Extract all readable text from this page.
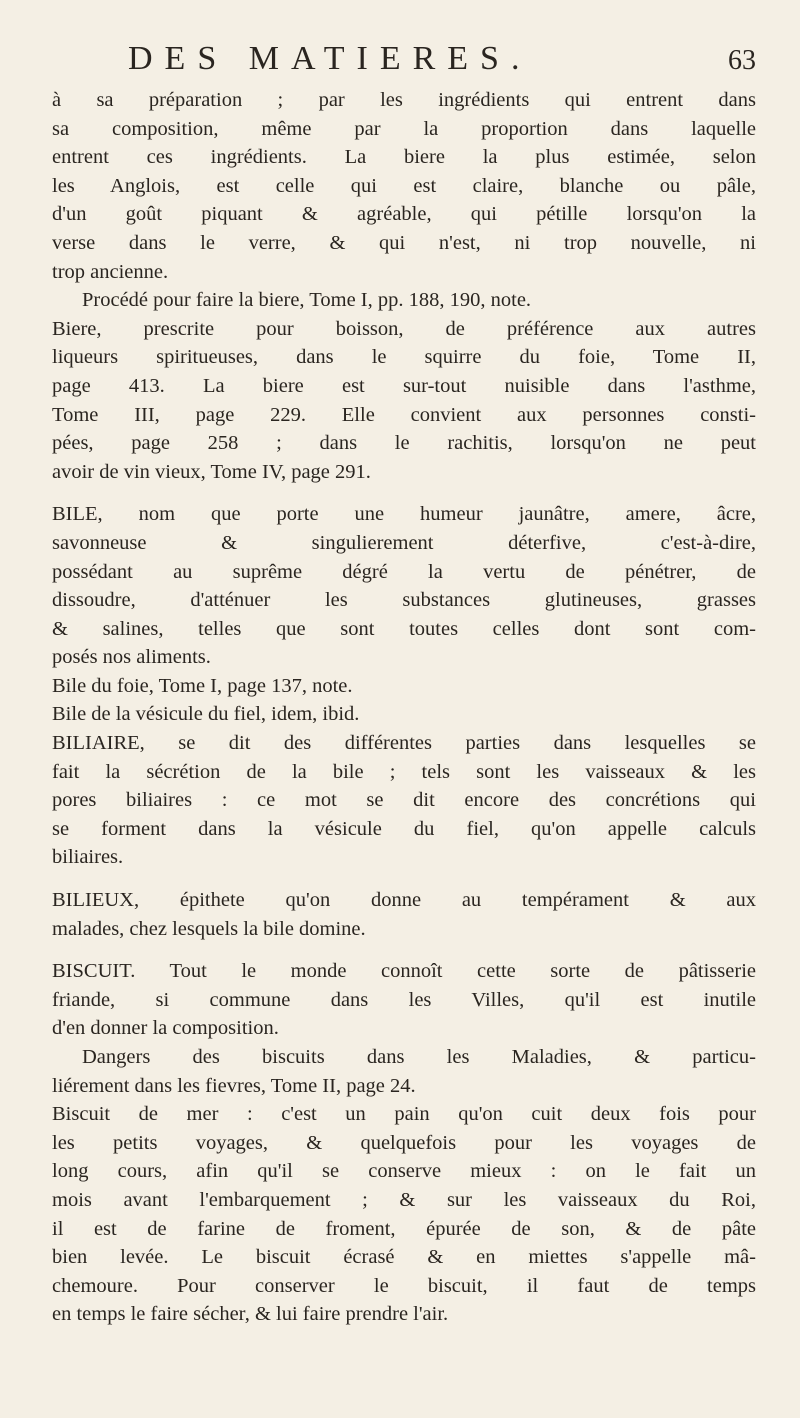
DES MATIERES.	63
à sa préparation ; par les ingrédients qui entrent dans
sa composition, même par la proportion dans laquelle
entrent ces ingrédients. La biere la plus estimée, selon
les Anglois, est celle qui est claire, blanche ou pâle,
d'un goût piquant & agréable, qui pétille lorsqu'on la
verse dans le verre, & qui n'est, ni trop nouvelle, ni
trop ancienne.
Procédé pour faire la biere, Tome I, pp. 188, 190, note.
Biere, prescrite pour boisson, de préférence aux autres
liqueurs spiritueuses, dans le squirre du foie, Tome II,
page 413. La biere est sur-tout nuisible dans l'asthme,
Tome III, page 229. Elle convient aux personnes consti-
pées, page 258 ; dans le rachitis, lorsqu'on ne peut
avoir de vin vieux, Tome IV, page 291.
BILE, nom que porte une humeur jaunâtre, amere, âcre,
savonneuse & singulierement déterfive, c'est-à-dire,
possédant au suprême dégré la vertu de pénétrer, de
dissoudre, d'atténuer les substances glutineuses, grasses
& salines, telles que sont toutes celles dont sont com-
posés nos aliments.
Bile du foie, Tome I, page 137, note.
Bile de la vésicule du fiel, idem, ibid.
BILIAIRE, se dit des différentes parties dans lesquelles se
fait la sécrétion de la bile ; tels sont les vaisseaux & les
pores biliaires : ce mot se dit encore des concrétions qui
se forment dans la vésicule du fiel, qu'on appelle calculs
biliaires.
BILIEUX, épithete qu'on donne au tempérament & aux
malades, chez lesquels la bile domine.
BISCUIT. Tout le monde connoît cette sorte de pâtisserie
friande, si commune dans les Villes, qu'il est inutile
d'en donner la composition.
Dangers des biscuits dans les Maladies, & particu-
liérement dans les fievres, Tome II, page 24.
Biscuit de mer : c'est un pain qu'on cuit deux fois pour
les petits voyages, & quelquefois pour les voyages de
long cours, afin qu'il se conserve mieux : on le fait un
mois avant l'embarquement ; & sur les vaisseaux du Roi,
il est de farine de froment, épurée de son, & de pâte
bien levée. Le biscuit écrasé & en miettes s'appelle mâ-
chemoure. Pour conserver le biscuit, il faut de temps
en temps le faire sécher, & lui faire prendre l'air.
